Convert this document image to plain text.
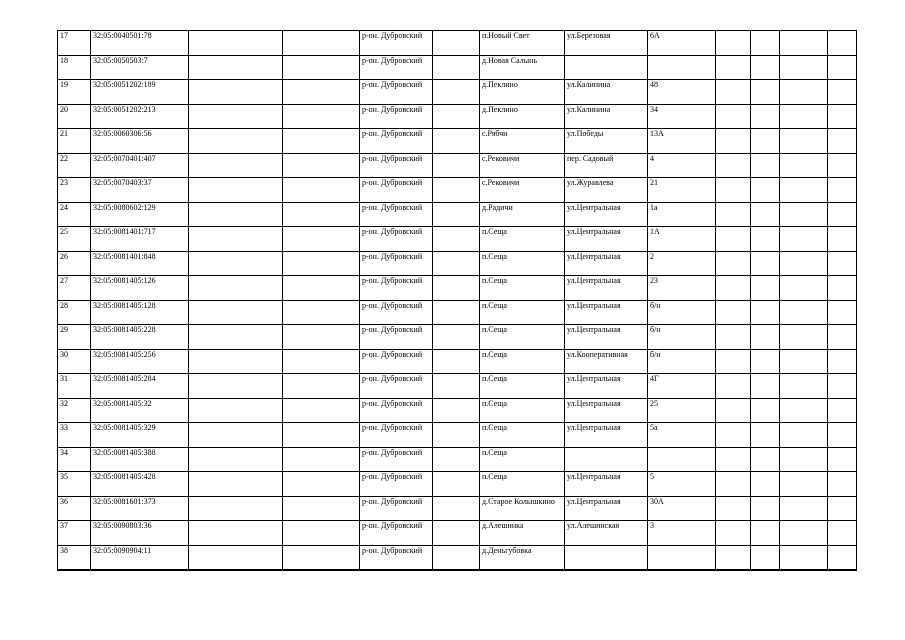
17	32:05:0040501:78			р-он. Дубровский		п.Новый Свет	ул.Березовая	6А				
18	32:05:0050503:7			р-он. Дубровский		д.Новая Салынь						
19	32:05:0051202:189			р-он. Дубровский		д.Пеклино	ул.Калинина	48				
20	32:05:0051202:213			р-он. Дубровский		д.Пеклино	ул.Калинина	34				
21	32:05:0060306:56			р-он. Дубровский		с.Рябчи	ул.Победы	13А				
22	32:05:0070401:407			р-он. Дубровский		с.Рековичи	пер. Садовый	4				
23	32:05:0070403:37			р-он. Дубровский		с.Рековичи	ул.Журавлева	21				
24	32:05:0080602:129			р-он. Дубровский		д.Радичи	ул.Центральная	1а				
25	32:05:0081401:717			р-он. Дубровский		п.Сеща	ул.Центральная	1А				
26	32:05:0081401:848			р-он. Дубровский		п.Сеща	ул.Центральная	2				
27	32:05:0081405:126			р-он. Дубровский		п.Сеща	ул.Центральная	23				
28	32:05:0081405:128			р-он. Дубровский		п.Сеща	ул.Центральная	б/н				
29	32:05:0081405:228			р-он. Дубровский		п.Сеща	ул.Центральная	б/н				
30	32:05:0081405:256			р-он. Дубровский		п.Сеща	ул.Кооперативная	б/н				
31	32:05:0081405:284			р-он. Дубровский		п.Сеща	ул.Центральная	4Г				
32	32:05:0081405:32			р-он. Дубровский		п.Сеща	ул.Центральная	25				
33	32:05:0081405:329			р-он. Дубровский		п.Сеща	ул.Центральная	5а				
34	32:05:0081405:388			р-он. Дубровский		п.Сеща						
35	32:05:0081405:428			р-он. Дубровский		п.Сеща	ул.Центральная	5				
36	32:05:0081601:373			р-он. Дубровский		д.Старое Колышкино	ул.Центральная	30А				
37	32:05:0090803:36			р-он. Дубровский		д.Алешинка	ул.Алешинская	3				
38	32:05:0090904:11			р-он. Дубровский		д.Деньгубовка						
